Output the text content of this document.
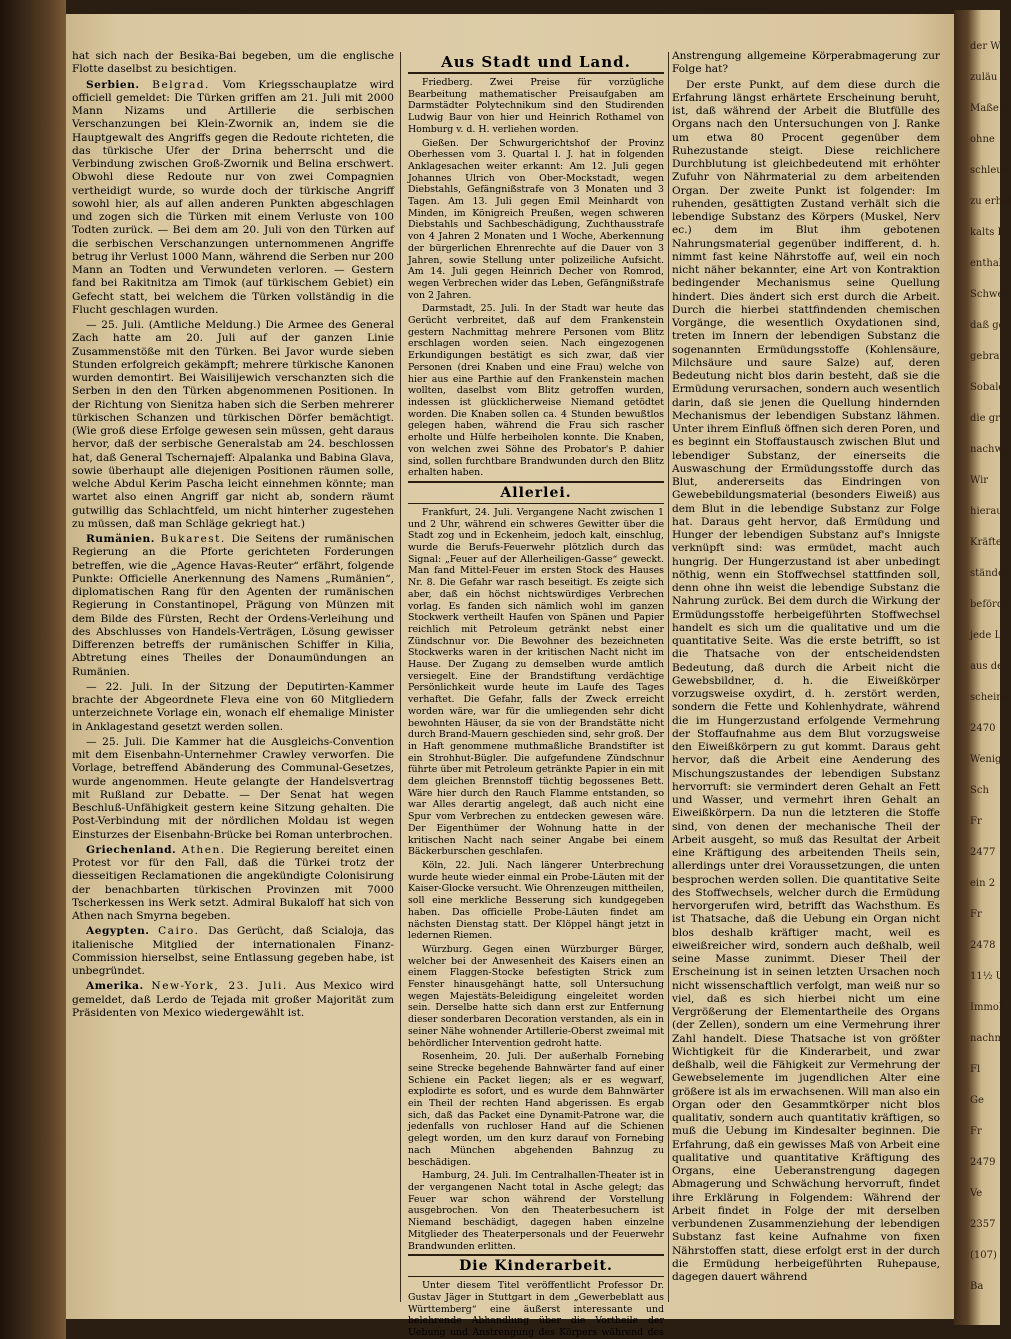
hat sich nach der Besika-Bai begeben, um die englische Flotte daselbst zu besichtigen.

Serbien. Belgrad. Vom Kriegsschauplatze wird officiell gemeldet: Die Türken griffen am 21. Juli mit 2000 Mann Nizams und Artillerie die serbischen Verschanzungen bei Klein-Zwornik an, indem sie die Hauptgewalt des Angriffs gegen die Redoute richteten, die das türkische Ufer der Drina beherrscht und die Verbindung zwischen Groß-Zwornik und Belina erschwert. Obwohl diese Redoute nur von zwei Compagnien vertheidigt wurde, so wurde doch der türkische Angriff sowohl hier, als auf allen anderen Punkten abgeschlagen und zogen sich die Türken mit einem Verluste von 100 Todten zurück. — Bei dem am 20. Juli von den Türken auf die serbischen Verschanzungen unternommenen Angriffe betrug ihr Verlust 1000 Mann, während die Serben nur 200 Mann an Todten und Verwundeten verloren. — Gestern fand bei Rakitnitza am Timok (auf türkischem Gebiet) ein Gefecht statt, bei welchem die Türken vollständig in die Flucht geschlagen wurden.

— 25. Juli. (Amtliche Meldung.) Die Armee des General Zach hatte am 20. Juli auf der ganzen Linie Zusammenstöße mit den Türken. Bei Javor wurde sieben Stunden erfolgreich gekämpft; mehrere türkische Kanonen wurden demontirt. Bei Waisilijewich verschanzten sich die Serben in den den Türken abgenommenen Positionen. In der Richtung von Sienitza haben sich die Serben mehrerer türkischen Schanzen und türkischen Dörfer bemächtigt. (Wie groß diese Erfolge gewesen sein müssen, geht daraus hervor, daß der serbische Generalstab am 24. beschlossen hat, daß General Tschernajeff: Alpalanka und Babina Glava, sowie überhaupt alle diejenigen Positionen räumen solle, welche Abdul Kerim Pascha leicht einnehmen könnte; man wartet also einen Angriff gar nicht ab, sondern räumt gutwillig das Schlachtfeld, um nicht hinterher zugestehen zu müssen, daß man Schläge gekriegt hat.)

Rumänien. Bukarest. Die Seitens der rumänischen Regierung an die Pforte gerichteten Forderungen betreffen, wie die „Agence Havas-Reuter“ erfährt, folgende Punkte: Officielle Anerkennung des Namens „Rumänien“, diplomatischen Rang für den Agenten der rumänischen Regierung in Constantinopel, Prägung von Münzen mit dem Bilde des Fürsten, Recht der Ordens-Verleihung und des Abschlusses von Handels-Verträgen, Lösung gewisser Differenzen betreffs der rumänischen Schiffer in Kilia, Abtretung eines Theiles der Donaumündungen an Rumänien.

— 22. Juli. In der Sitzung der Deputirten-Kammer brachte der Abgeordnete Fleva eine von 60 Mitgliedern unterzeichnete Vorlage ein, wonach elf ehemalige Minister in Anklagestand gesetzt werden sollen.

— 25. Juli. Die Kammer hat die Ausgleichs-Convention mit dem Eisenbahn-Unternehmer Crawley verworfen. Die Vorlage, betreffend Abänderung des Communal-Gesetzes, wurde angenommen. Heute gelangte der Handelsvertrag mit Rußland zur Debatte. — Der Senat hat wegen Beschluß-Unfähigkeit gestern keine Sitzung gehalten. Die Post-Verbindung mit der nördlichen Moldau ist wegen Einsturzes der Eisenbahn-Brücke bei Roman unterbrochen.

Griechenland. Athen. Die Regierung bereitet einen Protest vor für den Fall, daß die Türkei trotz der diesseitigen Reclamationen die angekündigte Colonisirung der benachbarten türkischen Provinzen mit 7000 Tscherkessen ins Werk setzt. Admiral Bukaloff hat sich von Athen nach Smyrna begeben.

Aegypten. Cairo. Das Gerücht, daß Scialoja, das italienische Mitglied der internationalen Finanz-Commission hierselbst, seine Entlassung gegeben habe, ist unbegründet.

Amerika. New-York, 23. Juli. Aus Mexico wird gemeldet, daß Lerdo de Tejada mit großer Majorität zum Präsidenten von Mexico wiedergewählt ist.

Aus Stadt und Land.

Friedberg. Zwei Preise für vorzügliche Bearbeitung mathematischer Preisaufgaben am Darmstädter Polytechnikum sind den Studirenden Ludwig Baur von hier und Heinrich Rothamel von Homburg v. d. H. verliehen worden.

Gießen. Der Schwurgerichtshof der Provinz Oberhessen vom 3. Quartal l. J. hat in folgenden Anklagesachen weiter erkannt: Am 12. Juli gegen Johannes Ulrich von Ober-Mockstadt, wegen Diebstahls, Gefängnißstrafe von 3 Monaten und 3 Tagen. Am 13. Juli gegen Emil Meinhardt von Minden, im Königreich Preußen, wegen schweren Diebstahls und Sachbeschädigung, Zuchthausstrafe von 4 Jahren 2 Monaten und 1 Woche, Aberkennung der bürgerlichen Ehrenrechte auf die Dauer von 3 Jahren, sowie Stellung unter polizeiliche Aufsicht. Am 14. Juli gegen Heinrich Decher von Romrod, wegen Verbrechen wider das Leben, Gefängnißstrafe von 2 Jahren.

Darmstadt, 25. Juli. In der Stadt war heute das Gerücht verbreitet, daß auf dem Frankenstein gestern Nachmittag mehrere Personen vom Blitz erschlagen worden seien. Nach eingezogenen Erkundigungen bestätigt es sich zwar, daß vier Personen (drei Knaben und eine Frau) welche von hier aus eine Parthie auf den Frankenstein machen wollten, daselbst vom Blitz getroffen wurden, indessen ist glücklicherweise Niemand getödtet worden. Die Knaben sollen ca. 4 Stunden bewußtlos gelegen haben, während die Frau sich rascher erholte und Hülfe herbeiholen konnte. Die Knaben, von welchen zwei Söhne des Probator's P. dahier sind, sollen furchtbare Brandwunden durch den Blitz erhalten haben.

Allerlei.

Frankfurt, 24. Juli. Vergangene Nacht zwischen 1 und 2 Uhr, während ein schweres Gewitter über die Stadt zog und in Eckenheim, jedoch kalt, einschlug, wurde die Berufs-Feuerwehr plötzlich durch das Signal: „Feuer auf der Allerheiligen-Gasse“ geweckt. Man fand Mittel-Feuer im ersten Stock des Hauses Nr. 8. Die Gefahr war rasch beseitigt. Es zeigte sich aber, daß ein höchst nichtswürdiges Verbrechen vorlag. Es fanden sich nämlich wohl im ganzen Stockwerk vertheilt Haufen von Spänen und Papier reichlich mit Petroleum getränkt nebst einer Zündschnur vor. Die Bewohner des bezeichneten Stockwerks waren in der kritischen Nacht nicht im Hause. Der Zugang zu demselben wurde amtlich versiegelt. Eine der Brandstiftung verdächtige Persönlichkeit wurde heute im Laufe des Tages verhaftet. Die Gefahr, falls der Zweck erreicht worden wäre, war für die umliegenden sehr dicht bewohnten Häuser, da sie von der Brandstätte nicht durch Brand-Mauern geschieden sind, sehr groß. Der in Haft genommene muthmaßliche Brandstifter ist ein Strohhut-Bügler. Die aufgefundene Zündschnur führte über mit Petroleum getränkte Papier in ein mit dem gleichen Brennstoff tüchtig begossenes Bett. Wäre hier durch den Rauch Flamme entstanden, so war Alles derartig angelegt, daß auch nicht eine Spur vom Verbrechen zu entdecken gewesen wäre. Der Eigenthümer der Wohnung hatte in der kritischen Nacht nach seiner Angabe bei einem Bäckerburschen geschlafen.

Köln, 22. Juli. Nach längerer Unterbrechung wurde heute wieder einmal ein Probe-Läuten mit der Kaiser-Glocke versucht. Wie Ohrenzeugen mittheilen, soll eine merkliche Besserung sich kundgegeben haben. Das officielle Probe-Läuten findet am nächsten Dienstag statt. Der Klöppel hängt jetzt in ledernen Riemen.

Würzburg. Gegen einen Würzburger Bürger, welcher bei der Anwesenheit des Kaisers einen an einem Flaggen-Stocke befestigten Strick zum Fenster hinausgehängt hatte, soll Untersuchung wegen Majestäts-Beleidigung eingeleitet worden sein. Derselbe hatte sich dann erst zur Entfernung dieser sonderbaren Decoration verstanden, als ein in seiner Nähe wohnender Artillerie-Oberst zweimal mit behördlicher Intervention gedroht hatte.

Rosenheim, 20. Juli. Der außerhalb Fornebing seine Strecke begehende Bahnwärter fand auf einer Schiene ein Packet liegen; als er es wegwarf, explodirte es sofort, und es wurde dem Bahnwärter ein Theil der rechten Hand abgerissen. Es ergab sich, daß das Packet eine Dynamit-Patrone war, die jedenfalls von ruchloser Hand auf die Schienen gelegt worden, um den kurz darauf von Fornebing nach München abgehenden Bahnzug zu beschädigen.

Hamburg, 24. Juli. Im Centralhallen-Theater ist in der vergangenen Nacht total in Asche gelegt; das Feuer war schon während der Vorstellung ausgebrochen. Von den Theaterbesuchern ist Niemand beschädigt, dagegen haben einzelne Mitglieder des Theaterpersonals und der Feuerwehr Brandwunden erlitten.

Die Kinderarbeit.

Unter diesem Titel veröffentlicht Professor Dr. Gustav Jäger in Stuttgart in dem „Gewerbeblatt aus Württemberg“ eine äußerst interessante und belehrende Abhandlung über die Vortheile der Uebung und Anstrengung des Körpers während des

Anstrengung allgemeine Körperabmagerung zur Folge hat?

Der erste Punkt, auf dem diese durch die Erfahrung längst erhärtete Erscheinung beruht, ist, daß während der Arbeit die Blutfülle des Organs nach den Untersuchungen von J. Ranke um etwa 80 Procent gegenüber dem Ruhezustande steigt. Diese reichlichere Durchblutung ist gleichbedeutend mit erhöhter Zufuhr von Nährmaterial zu dem arbeitenden Organ. Der zweite Punkt ist folgender: Im ruhenden, gesättigten Zustand verhält sich die lebendige Substanz des Körpers (Muskel, Nerv ec.) dem im Blut ihm gebotenen Nahrungsmaterial gegenüber indifferent, d. h. nimmt fast keine Nährstoffe auf, weil ein noch nicht näher bekannter, eine Art von Kontraktion bedingender Mechanismus seine Quellung hindert. Dies ändert sich erst durch die Arbeit. Durch die hierbei stattfindenden chemischen Vorgänge, die wesentlich Oxydationen sind, treten im Innern der lebendigen Substanz die sogenannten Ermüdungsstoffe (Kohlensäure, Milchsäure und saure Salze) auf, deren Bedeutung nicht blos darin besteht, daß sie die Ermüdung verursachen, sondern auch wesentlich darin, daß sie jenen die Quellung hindernden Mechanismus der lebendigen Substanz lähmen. Unter ihrem Einfluß öffnen sich deren Poren, und es beginnt ein Stoffaustausch zwischen Blut und lebendiger Substanz, der einerseits die Auswaschung der Ermüdungsstoffe durch das Blut, andererseits das Eindringen von Gewebebildungsmaterial (besonders Eiweiß) aus dem Blut in die lebendige Substanz zur Folge hat. Daraus geht hervor, daß Ermüdung und Hunger der lebendigen Substanz auf's Innigste verknüpft sind: was ermüdet, macht auch hungrig. Der Hungerzustand ist aber unbedingt nöthig, wenn ein Stoffwechsel stattfinden soll, denn ohne ihn weist die lebendige Substanz die Nahrung zurück. Bei dem durch die Wirkung der Ermüdungsstoffe herbeigeführten Stoffwechsel handelt es sich um die qualitative und um die quantitative Seite. Was die erste betrifft, so ist die Thatsache von der entscheidendsten Bedeutung, daß durch die Arbeit nicht die Gewebsbildner, d. h. die Eiweißkörper vorzugsweise oxydirt, d. h. zerstört werden, sondern die Fette und Kohlenhydrate, während die im Hungerzustand erfolgende Vermehrung der Stoffaufnahme aus dem Blut vorzugsweise den Eiweißkörpern zu gut kommt. Daraus geht hervor, daß die Arbeit eine Aenderung des Mischungszustandes der lebendigen Substanz hervorruft: sie vermindert deren Gehalt an Fett und Wasser, und vermehrt ihren Gehalt an Eiweißkörpern. Da nun die letzteren die Stoffe sind, von denen der mechanische Theil der Arbeit ausgeht, so muß das Resultat der Arbeit eine Kräftigung des arbeitenden Theils sein, allerdings unter drei Voraussetzungen, die unten besprochen werden sollen. Die quantitative Seite des Stoffwechsels, welcher durch die Ermüdung hervorgerufen wird, betrifft das Wachsthum. Es ist Thatsache, daß die Uebung ein Organ nicht blos deshalb kräftiger macht, weil es eiweißreicher wird, sondern auch deßhalb, weil seine Masse zunimmt. Dieser Theil der Erscheinung ist in seinen letzten Ursachen noch nicht wissenschaftlich verfolgt, man weiß nur so viel, daß es sich hierbei nicht um eine Vergrößerung der Elementartheile des Organs (der Zellen), sondern um eine Vermehrung ihrer Zahl handelt. Diese Thatsache ist von größter Wichtigkeit für die Kinderarbeit, und zwar deßhalb, weil die Fähigkeit zur Vermehrung der Gewebselemente im jugendlichen Alter eine größere ist als im erwachsenen. Will man also ein Organ oder den Gesammtkörper nicht blos qualitativ, sondern auch quantitativ kräftigen, so muß die Uebung im Kindesalter beginnen. Die Erfahrung, daß ein gewisses Maß von Arbeit eine qualitative und quantitative Kräftigung des Organs, eine Ueberanstrengung dagegen Abmagerung und Schwächung hervorruft, findet ihre Erklärung in Folgendem: Während der Arbeit findet in Folge der mit derselben verbundenen Zusammenziehung der lebendigen Substanz fast keine Aufnahme von fixen Nährstoffen statt, diese erfolgt erst in der durch die Ermüdung herbeigeführten Ruhepause, dagegen dauert während

der W
zuläu
Maße w
ohne
schleun
zu erhal
kalts B
enthalt
Schwef
daß ge
gebrau
Sobald
die gra
nachwe
Wir
hierau
Kräfte
ständen
beförde
jede L
aus de
scheinu
2470
Wenig
Sch
Fr
2477
ein 2
Fr
2478
11½ U
Immob
nachmi
Fl
Ge
Fr
2479
Ve
2357
(107)
Ba
